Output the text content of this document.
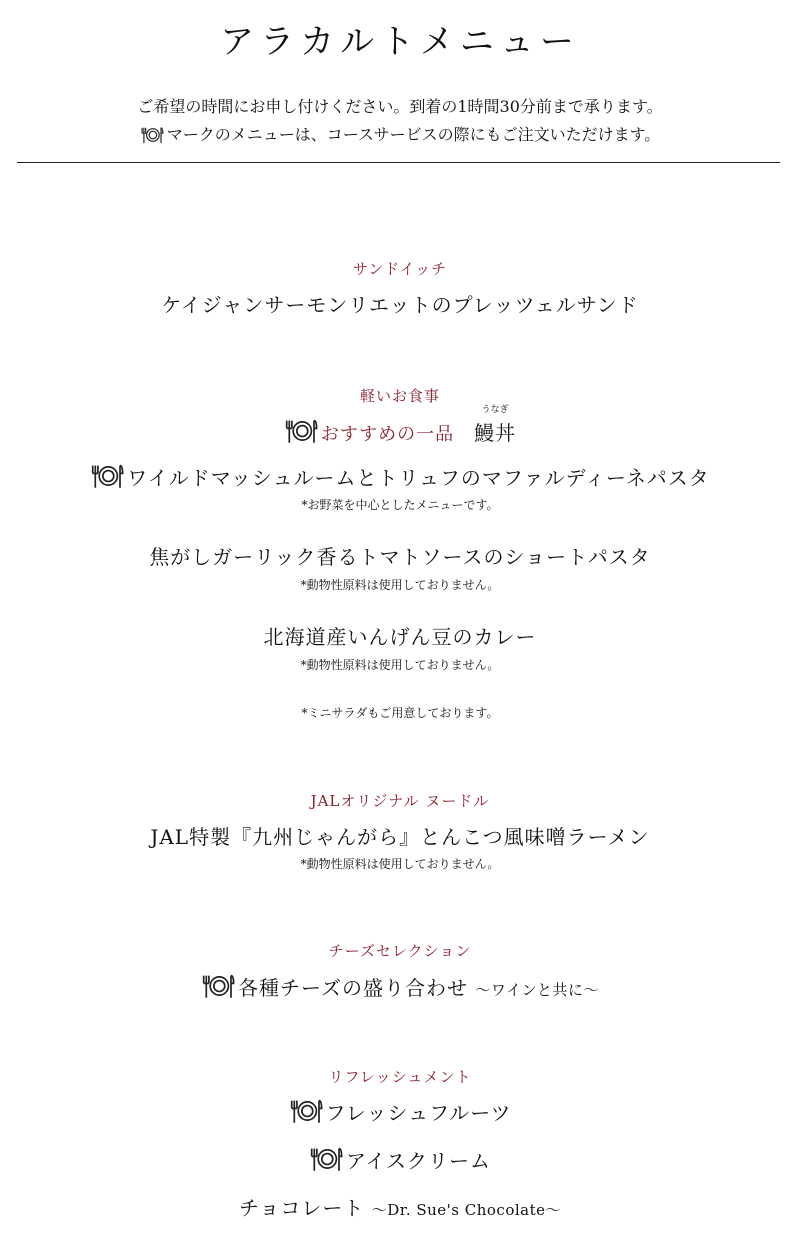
アラカルトメニュー
ご希望の時間にお申し付けください。到着の1時間30分前まで承ります。
マークのメニューは、コースサービスの際にもご注文いただけます。
サンドイッチ
ケイジャンサーモンリエットのプレッツェルサンド
軽いお食事
おすすめの一品
うなぎ
鰻丼
ワイルドマッシュルームとトリュフのマファルディーネパスタ
*お野菜を中心としたメニューです。
焦がしガーリック香るトマトソースのショートパスタ
*動物性原料は使用しておりません。
北海道産いんげん豆のカレー
*動物性原料は使用しておりません。
*ミニサラダもご用意しております。
JALオリジナル ヌードル
JAL特製『九州じゃんがら』とんこつ風味噌ラーメン
*動物性原料は使用しておりません。
チーズセレクション
各種チーズの盛り合わせ ～ワインと共に～
リフレッシュメント
フレッシュフルーツ
アイスクリーム
チョコレート ～Dr. Sue's Chocolate～
